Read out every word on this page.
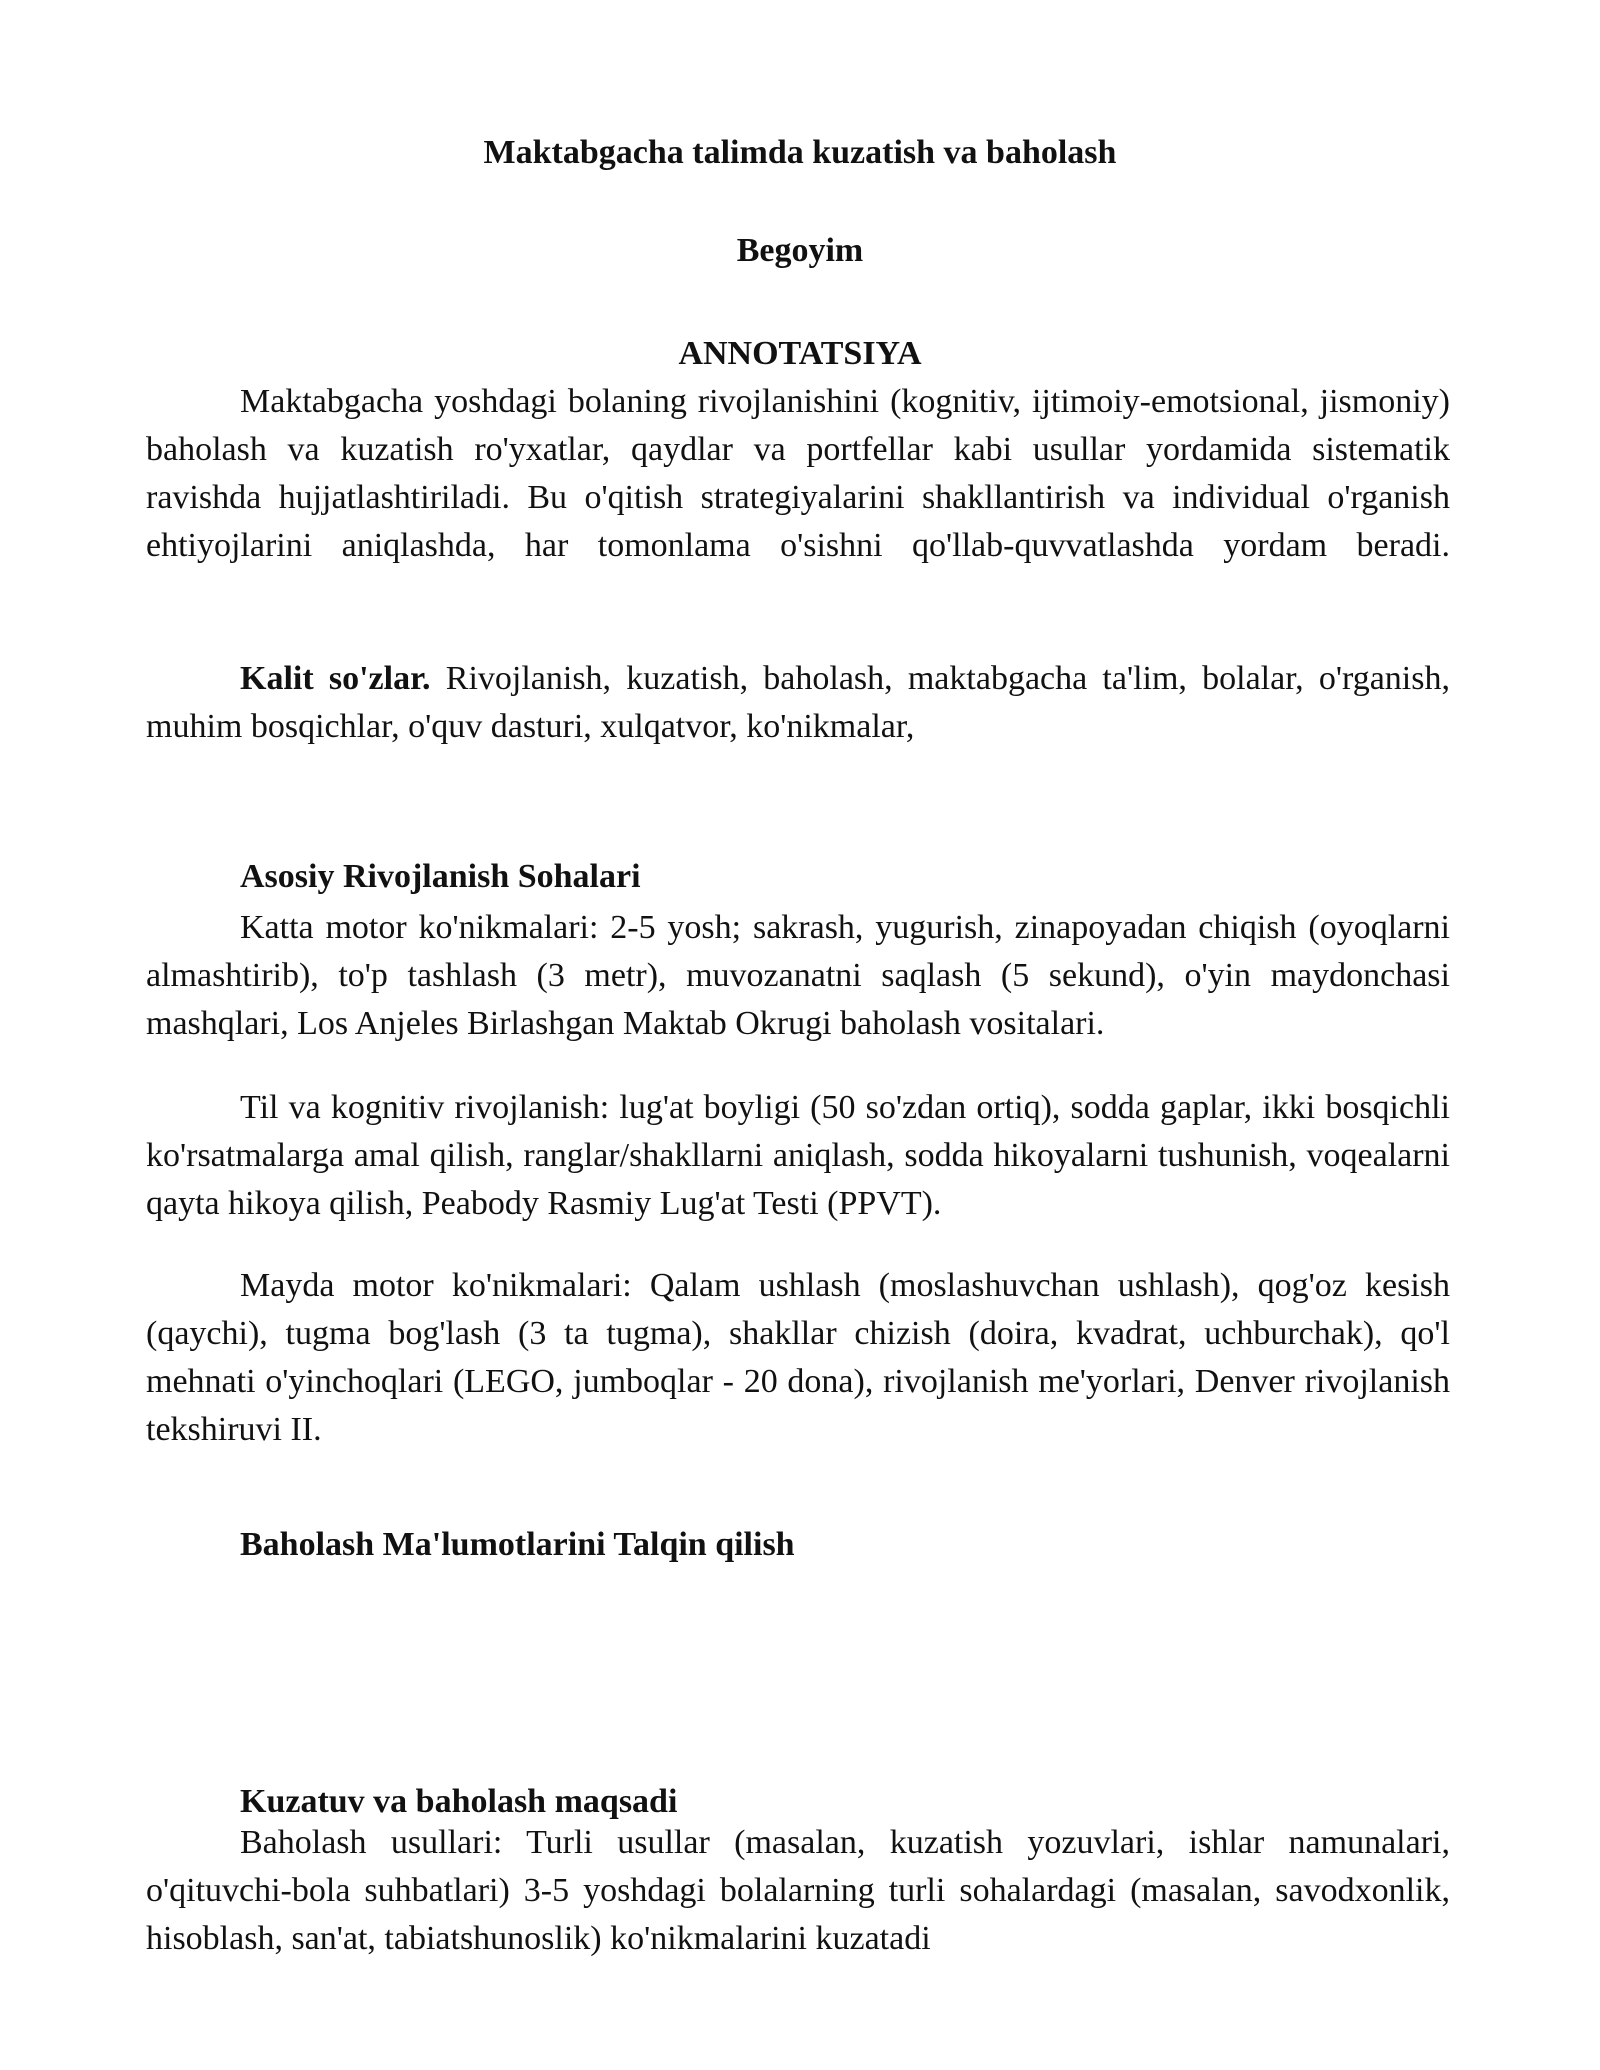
Maktabgacha talimda kuzatish va baholash
Begoyim
ANNOTATSIYA
Maktabgacha yoshdagi bolaning rivojlanishini (kognitiv, ijtimoiy-emotsional, jismoniy) baholash va kuzatish ro'yxatlar, qaydlar va portfellar kabi usullar yordamida sistematik ravishda hujjatlashtiriladi. Bu o'qitish strategiyalarini shakllantirish va individual o'rganish ehtiyojlarini aniqlashda, har tomonlama o'sishni qo'llab-quvvatlashda yordam beradi.
Kalit so'zlar. Rivojlanish, kuzatish, baholash, maktabgacha ta'lim, bolalar, o'rganish, muhim bosqichlar, o'quv dasturi, xulqatvor, ko'nikmalar,
Asosiy Rivojlanish Sohalari
Katta motor ko'nikmalari: 2-5 yosh; sakrash, yugurish, zinapoyadan chiqish (oyoqlarni almashtirib), to'p tashlash (3 metr), muvozanatni saqlash (5 sekund), o'yin maydonchasi mashqlari, Los Anjeles Birlashgan Maktab Okrugi baholash vositalari.
Til va kognitiv rivojlanish: lug'at boyligi (50 so'zdan ortiq), sodda gaplar, ikki bosqichli ko'rsatmalarga amal qilish, ranglar/shakllarni aniqlash, sodda hikoyalarni tushunish, voqealarni qayta hikoya qilish, Peabody Rasmiy Lug'at Testi (PPVT).
Mayda motor ko'nikmalari: Qalam ushlash (moslashuvchan ushlash), qog'oz kesish (qaychi), tugma bog'lash (3 ta tugma), shakllar chizish (doira, kvadrat, uchburchak), qo'l mehnati o'yinchoqlari (LEGO, jumboqlar - 20 dona), rivojlanish me'yorlari, Denver rivojlanish tekshiruvi II.
Baholash Ma'lumotlarini Talqin qilish
Kuzatuv va baholash maqsadi
Baholash usullari: Turli usullar (masalan, kuzatish yozuvlari, ishlar namunalari, o'qituvchi-bola suhbatlari) 3-5 yoshdagi bolalarning turli sohalardagi (masalan, savodxonlik, hisoblash, san'at, tabiatshunoslik) ko'nikmalarini kuzatadi
